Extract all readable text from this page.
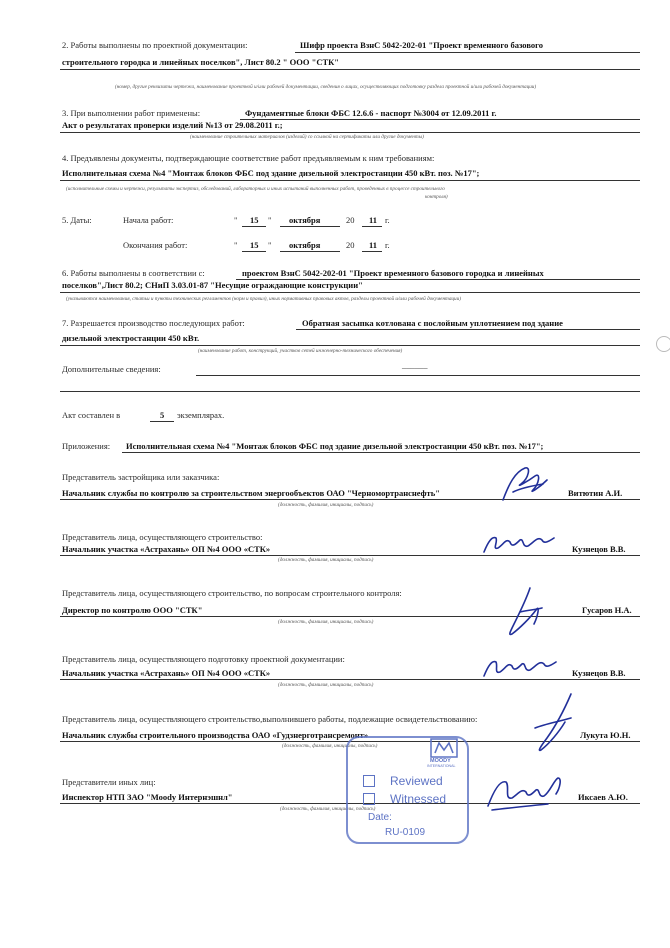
2. Работы выполнены по проектной документации:	Шифр проекта ВзнС 5042-202-01 "Проект временного базового
строительного городка и линейных поселков", Лист 80.2 " ООО "СТК"
(номер, другие реквизиты чертежа, наименование проектной и/или рабочей документации, сведения о лицах, осуществляющих подготовку раздела проектной и/или рабочей документации)
3. При выполнении работ применены:	Фундаментные блоки ФБС 12.6.6 - паспорт №3004 от 12.09.2011 г.
Акт о результатах проверки изделий №13 от 29.08.2011 г.;
(наименование строительных материалов (изделий) со ссылкой на сертификаты или другие документы)
4. Предъявлены документы, подтверждающие соответствие работ предъявляемым к ним требованиям:
Исполнительная схема №4 "Монтаж блоков ФБС под здание дизельной электростанции 450 кВт. поз. №17";
(исполнительные схемы и чертежи, результаты экспертиз, обследований, лабораторных и иных испытаний выполненных работ, проведенных в процессе строительного
контроля)
5. Даты:	Начала работ:	" 15 " октября	20 11 г.
Окончания работ:	" 15 " октября	20 11 г.
6. Работы выполнены в соответствии с:	проектом ВзнС 5042-202-01 "Проект временного базового городка и линейных
поселков",Лист 80.2; СНиП 3.03.01-87 "Несущие ограждающие конструкции"
(указываются наименования, статьи и пункты технических регламентов (норм и правил), иных нормативных правовых актов, разделы проектной и/или рабочей документации)
7. Разрешается производство последующих работ:	Обратная засыпка котлована с послойным уплотнением под здание
дизельной электростанции 450 кВт.
(наименование работ, конструкций, участков сетей инженерно-технического обеспечения)
Дополнительные сведения:	______
Акт составлен в	5 экземплярах.
Приложения: Исполнительная схема №4 "Монтаж блоков ФБС под здание дизельной электростанции 450 кВт. поз. №17";
Представитель застройщика или заказчика:
Начальник службы по контролю за строительством энергообъектов ОАО "Черномортранснефть"	Витютин А.И.
(должность, фамилия, инициалы, подпись)
Представитель лица, осуществляющего строительство:
Начальник участка «Астрахань» ОП №4 ООО «СТК»	Кузнецов В.В.
(должность, фамилия, инициалы, подпись)
Представитель лица, осуществляющего строительство, по вопросам строительного контроля:
Директор по контролю ООО "СТК"	Гусаров Н.А.
(должность, фамилия, инициалы, подпись)
Представитель лица, осуществляющего подготовку проектной документации:
Начальник участка «Астрахань» ОП №4 ООО «СТК»	Кузнецов В.В.
(должность, фамилия, инициалы, подпись)
Представитель лица, осуществляющего строительство,выполнившего работы, подлежащие освидетельствованию:
Начальник службы строительного производства ОАО «Гудзнерготрансремонт»	Лукута Ю.Н.
(должность, фамилия, инициалы, подпись)
Представители иных лиц:
Инспектор НТП ЗАО "Моody Интернэшнл"	Иксаев А.Ю.
(должность, фамилия, инициалы, подпись)
MOODY
INTERNATIONAL
Reviewed
Witnessed
Date:
RU-0109
